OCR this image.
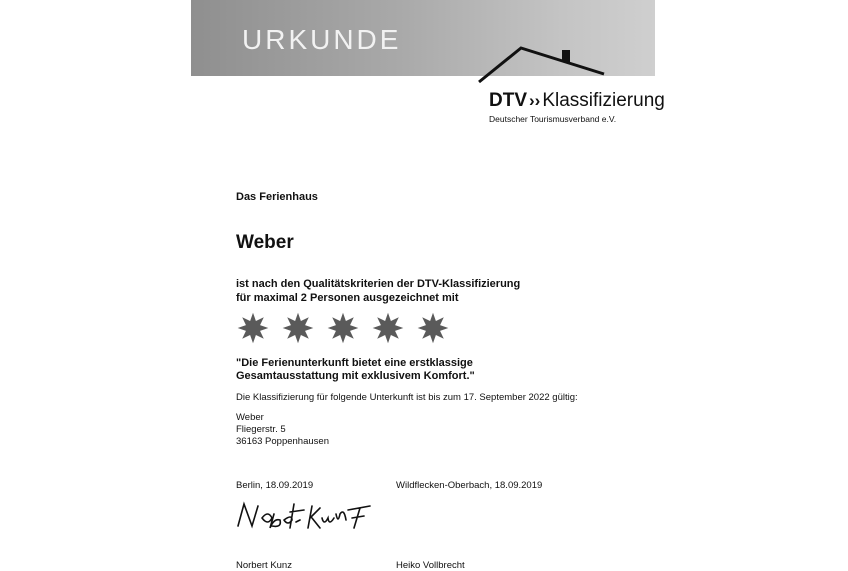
URKUNDE
DTV ›› Klassifizierung
Deutscher Tourismusverband e.V.
Das Ferienhaus
Weber
ist nach den Qualitätskriterien der DTV-Klassifizierung
für maximal 2 Personen ausgezeichnet mit
"Die Ferienunterkunft bietet eine erstklassige
Gesamtausstattung mit exklusivem Komfort."
Die Klassifizierung für folgende Unterkunft ist bis zum 17. September 2022 gültig:
Weber
Fliegerstr. 5
36163 Poppenhausen
Berlin, 18.09.2019	Wildflecken-Oberbach, 18.09.2019
Norbert Kunz	Heiko Vollbrecht
